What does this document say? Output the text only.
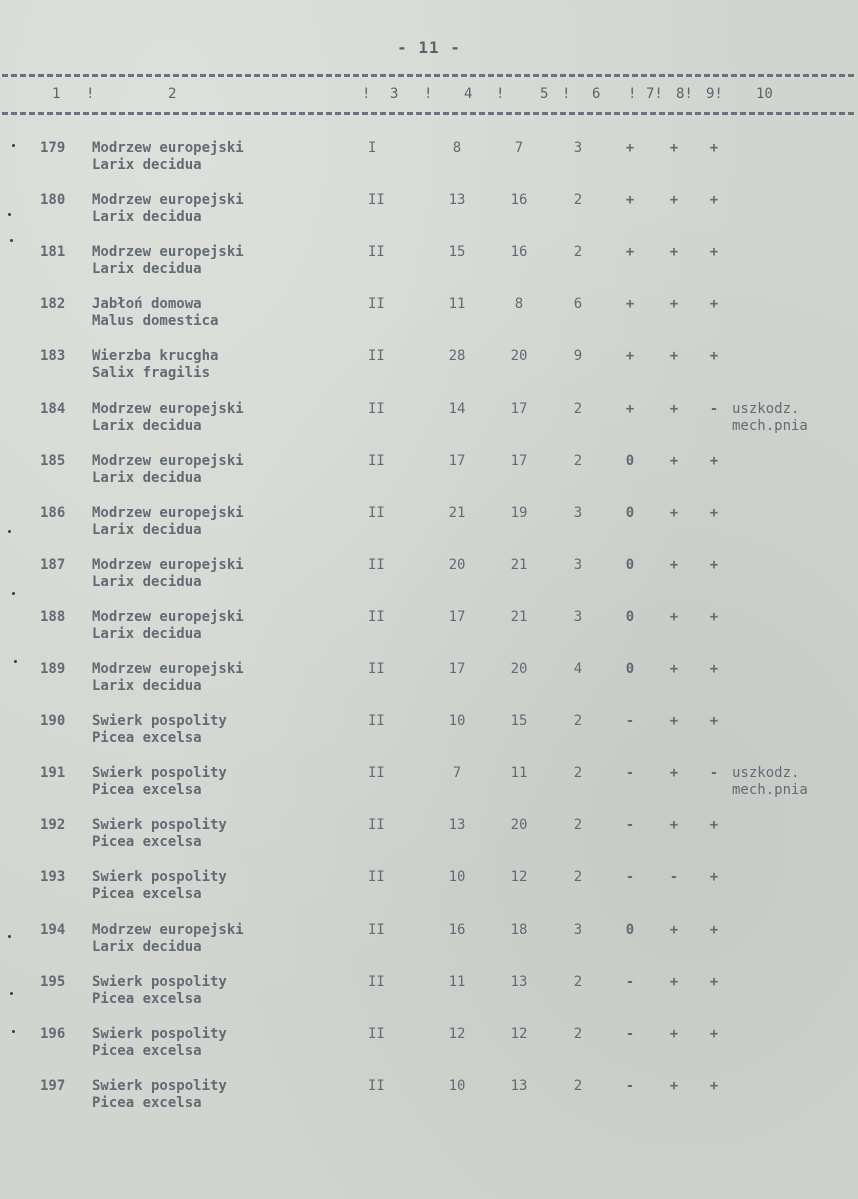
- 11 -
1 !	2	! 3 ! 4 !	5 ! 6 ! 7! 8! 9! 10
179 Modrzew europejski
Larix decidua
I	8	7	3	+	+ +
180 Modrzew europejski
Larix decidua
II	13	16	2	+	+ +
181 Modrzew europejski
Larix decidua
II	15	16	2	+	+ +
182 Jabłoń domowa
Malus domestica
II	11	8	6	+	+ +
183 Wierzba krucgha
Salix fragilis
II	28	20	9	+	+ +
184 Modrzew europejski
Larix decidua
II	14	17	2	+	+ - uszkodz.
mech.pnia
185 Modrzew europejski
Larix decidua
II	17	17	2	0	+ +
186 Modrzew europejski
Larix decidua
II	21	19	3	0	+ +
187 Modrzew europejski
Larix decidua
II	20	21	3	0	+ +
188 Modrzew europejski
Larix decidua
II	17	21	3	0	+ +
189 Modrzew europejski
Larix decidua
II	17	20	4	0	+ +
190 Swierk pospolity
Picea excelsa
II	10	15	2	-	+ +
191 Swierk pospolity
Picea excelsa
II	7	11	2	-	+ - uszkodz.
mech.pnia
192 Swierk pospolity
Picea excelsa
II	13	20	2	-	+ +
193 Swierk pospolity
Picea excelsa
II	10	12	2	-	- +
194 Modrzew europejski
Larix decidua
II	16	18	3	0	+ +
195 Swierk pospolity
Picea excelsa
II	11	13	2	-	+ +
196 Swierk pospolity
Picea excelsa
II	12	12	2	-	+ +
197 Swierk pospolity
Picea excelsa
II	10	13	2	-	+ +
